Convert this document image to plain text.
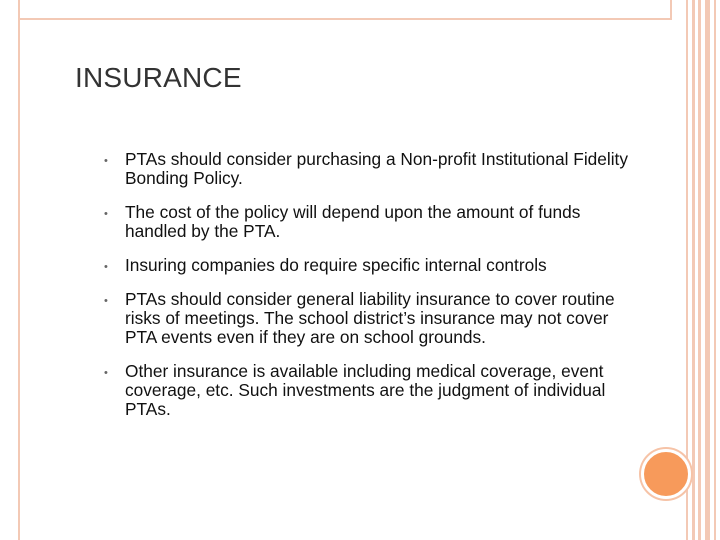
INSURANCE
• PTAs should consider purchasing a Non-profit Institutional Fidelity Bonding Policy.
• The cost of the policy will depend upon the amount of funds handled by the PTA.
• Insuring companies do require specific internal controls
• PTAs should consider general liability insurance to cover routine risks of meetings. The school district’s insurance may not cover PTA events even if they are on school grounds.
• Other insurance is available including medical coverage, event coverage, etc. Such investments are the judgment of individual PTAs.
